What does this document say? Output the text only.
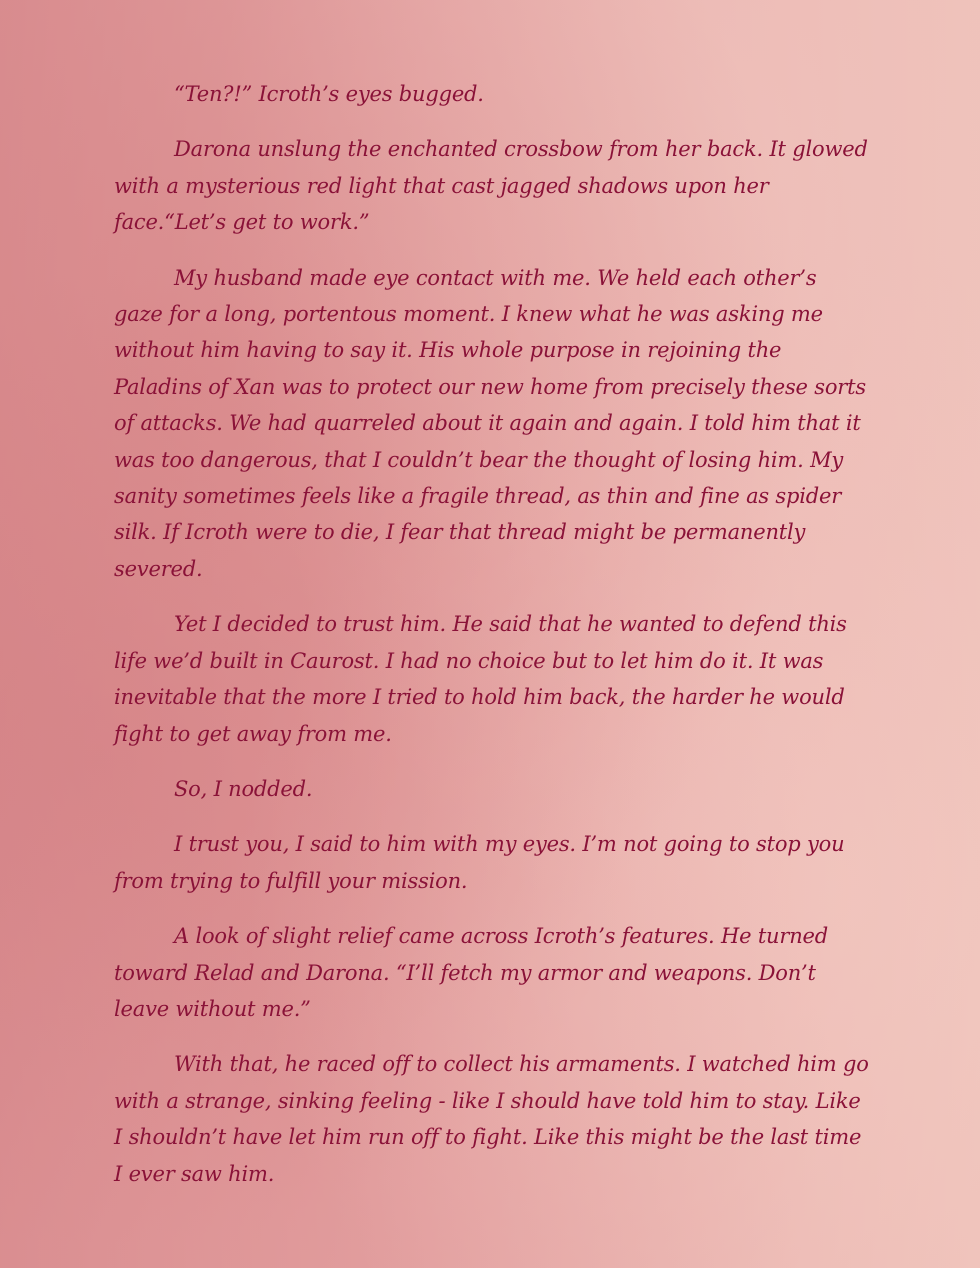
“Ten?!” Icroth’s eyes bugged.

Darona unslung the enchanted crossbow from her back. It glowed with a mysterious red light that cast jagged shadows upon her face.“Let’s get to work.”

My husband made eye contact with me. We held each other’s gaze for a long, portentous moment. I knew what he was asking me without him having to say it. His whole purpose in rejoining the Paladins of Xan was to protect our new home from precisely these sorts of attacks. We had quarreled about it again and again. I told him that it was too dangerous, that I couldn’t bear the thought of losing him. My sanity sometimes feels like a fragile thread, as thin and fine as spider silk. If Icroth were to die, I fear that thread might be permanently severed.

Yet I decided to trust him. He said that he wanted to defend this life we’d built in Caurost. I had no choice but to let him do it. It was inevitable that the more I tried to hold him back, the harder he would fight to get away from me.

So, I nodded.

I trust you, I said to him with my eyes. I’m not going to stop you from trying to fulfill your mission.

A look of slight relief came across Icroth’s features. He turned toward Relad and Darona. “I’ll fetch my armor and weapons. Don’t leave without me.”

With that, he raced off to collect his armaments. I watched him go with a strange, sinking feeling - like I should have told him to stay. Like I shouldn’t have let him run off to fight. Like this might be the last time I ever saw him.
